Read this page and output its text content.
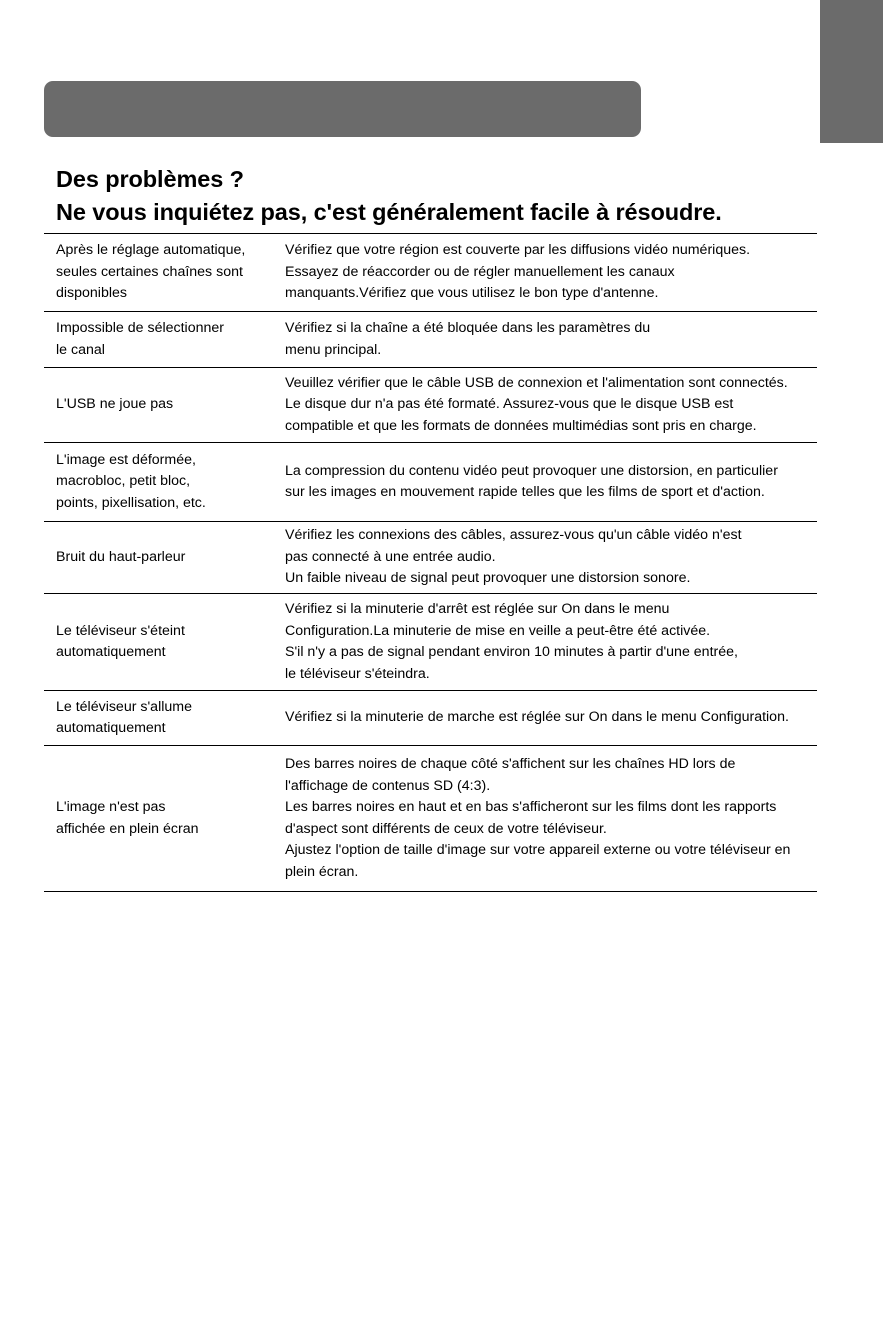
Des problèmes ?
Ne vous inquiétez pas, c'est généralement facile à résoudre.
Après le réglage automatique,
seules certaines chaînes sont
disponibles
Vérifiez que votre région est couverte par les diffusions vidéo numériques.
Essayez de réaccorder ou de régler manuellement les canaux
manquants.Vérifiez que vous utilisez le bon type d'antenne.
Impossible de sélectionner
le canal
Vérifiez si la chaîne a été bloquée dans les paramètres du
menu principal.
L'USB ne joue pas
Veuillez vérifier que le câble USB de connexion et l'alimentation sont connectés.
Le disque dur n'a pas été formaté. Assurez-vous que le disque USB est
compatible et que les formats de données multimédias sont pris en charge.
L'image est déformée,
macrobloc, petit bloc,
points, pixellisation, etc.
La compression du contenu vidéo peut provoquer une distorsion, en particulier
sur les images en mouvement rapide telles que les films de sport et d'action.
Bruit du haut-parleur
Vérifiez les connexions des câbles, assurez-vous qu'un câble vidéo n'est
pas connecté à une entrée audio.
Un faible niveau de signal peut provoquer une distorsion sonore.
Le téléviseur s'éteint
automatiquement
Vérifiez si la minuterie d'arrêt est réglée sur On dans le menu
Configuration.La minuterie de mise en veille a peut-être été activée.
S'il n'y a pas de signal pendant environ 10 minutes à partir d'une entrée,
le téléviseur s'éteindra.
Le téléviseur s'allume
automatiquement
Vérifiez si la minuterie de marche est réglée sur On dans le menu Configuration.
L'image n'est pas
affichée en plein écran
Des barres noires de chaque côté s'affichent sur les chaînes HD lors de
l'affichage de contenus SD (4:3).
Les barres noires en haut et en bas s'afficheront sur les films dont les rapports
d'aspect sont différents de ceux de votre téléviseur.
Ajustez l'option de taille d'image sur votre appareil externe ou votre téléviseur en
plein écran.
